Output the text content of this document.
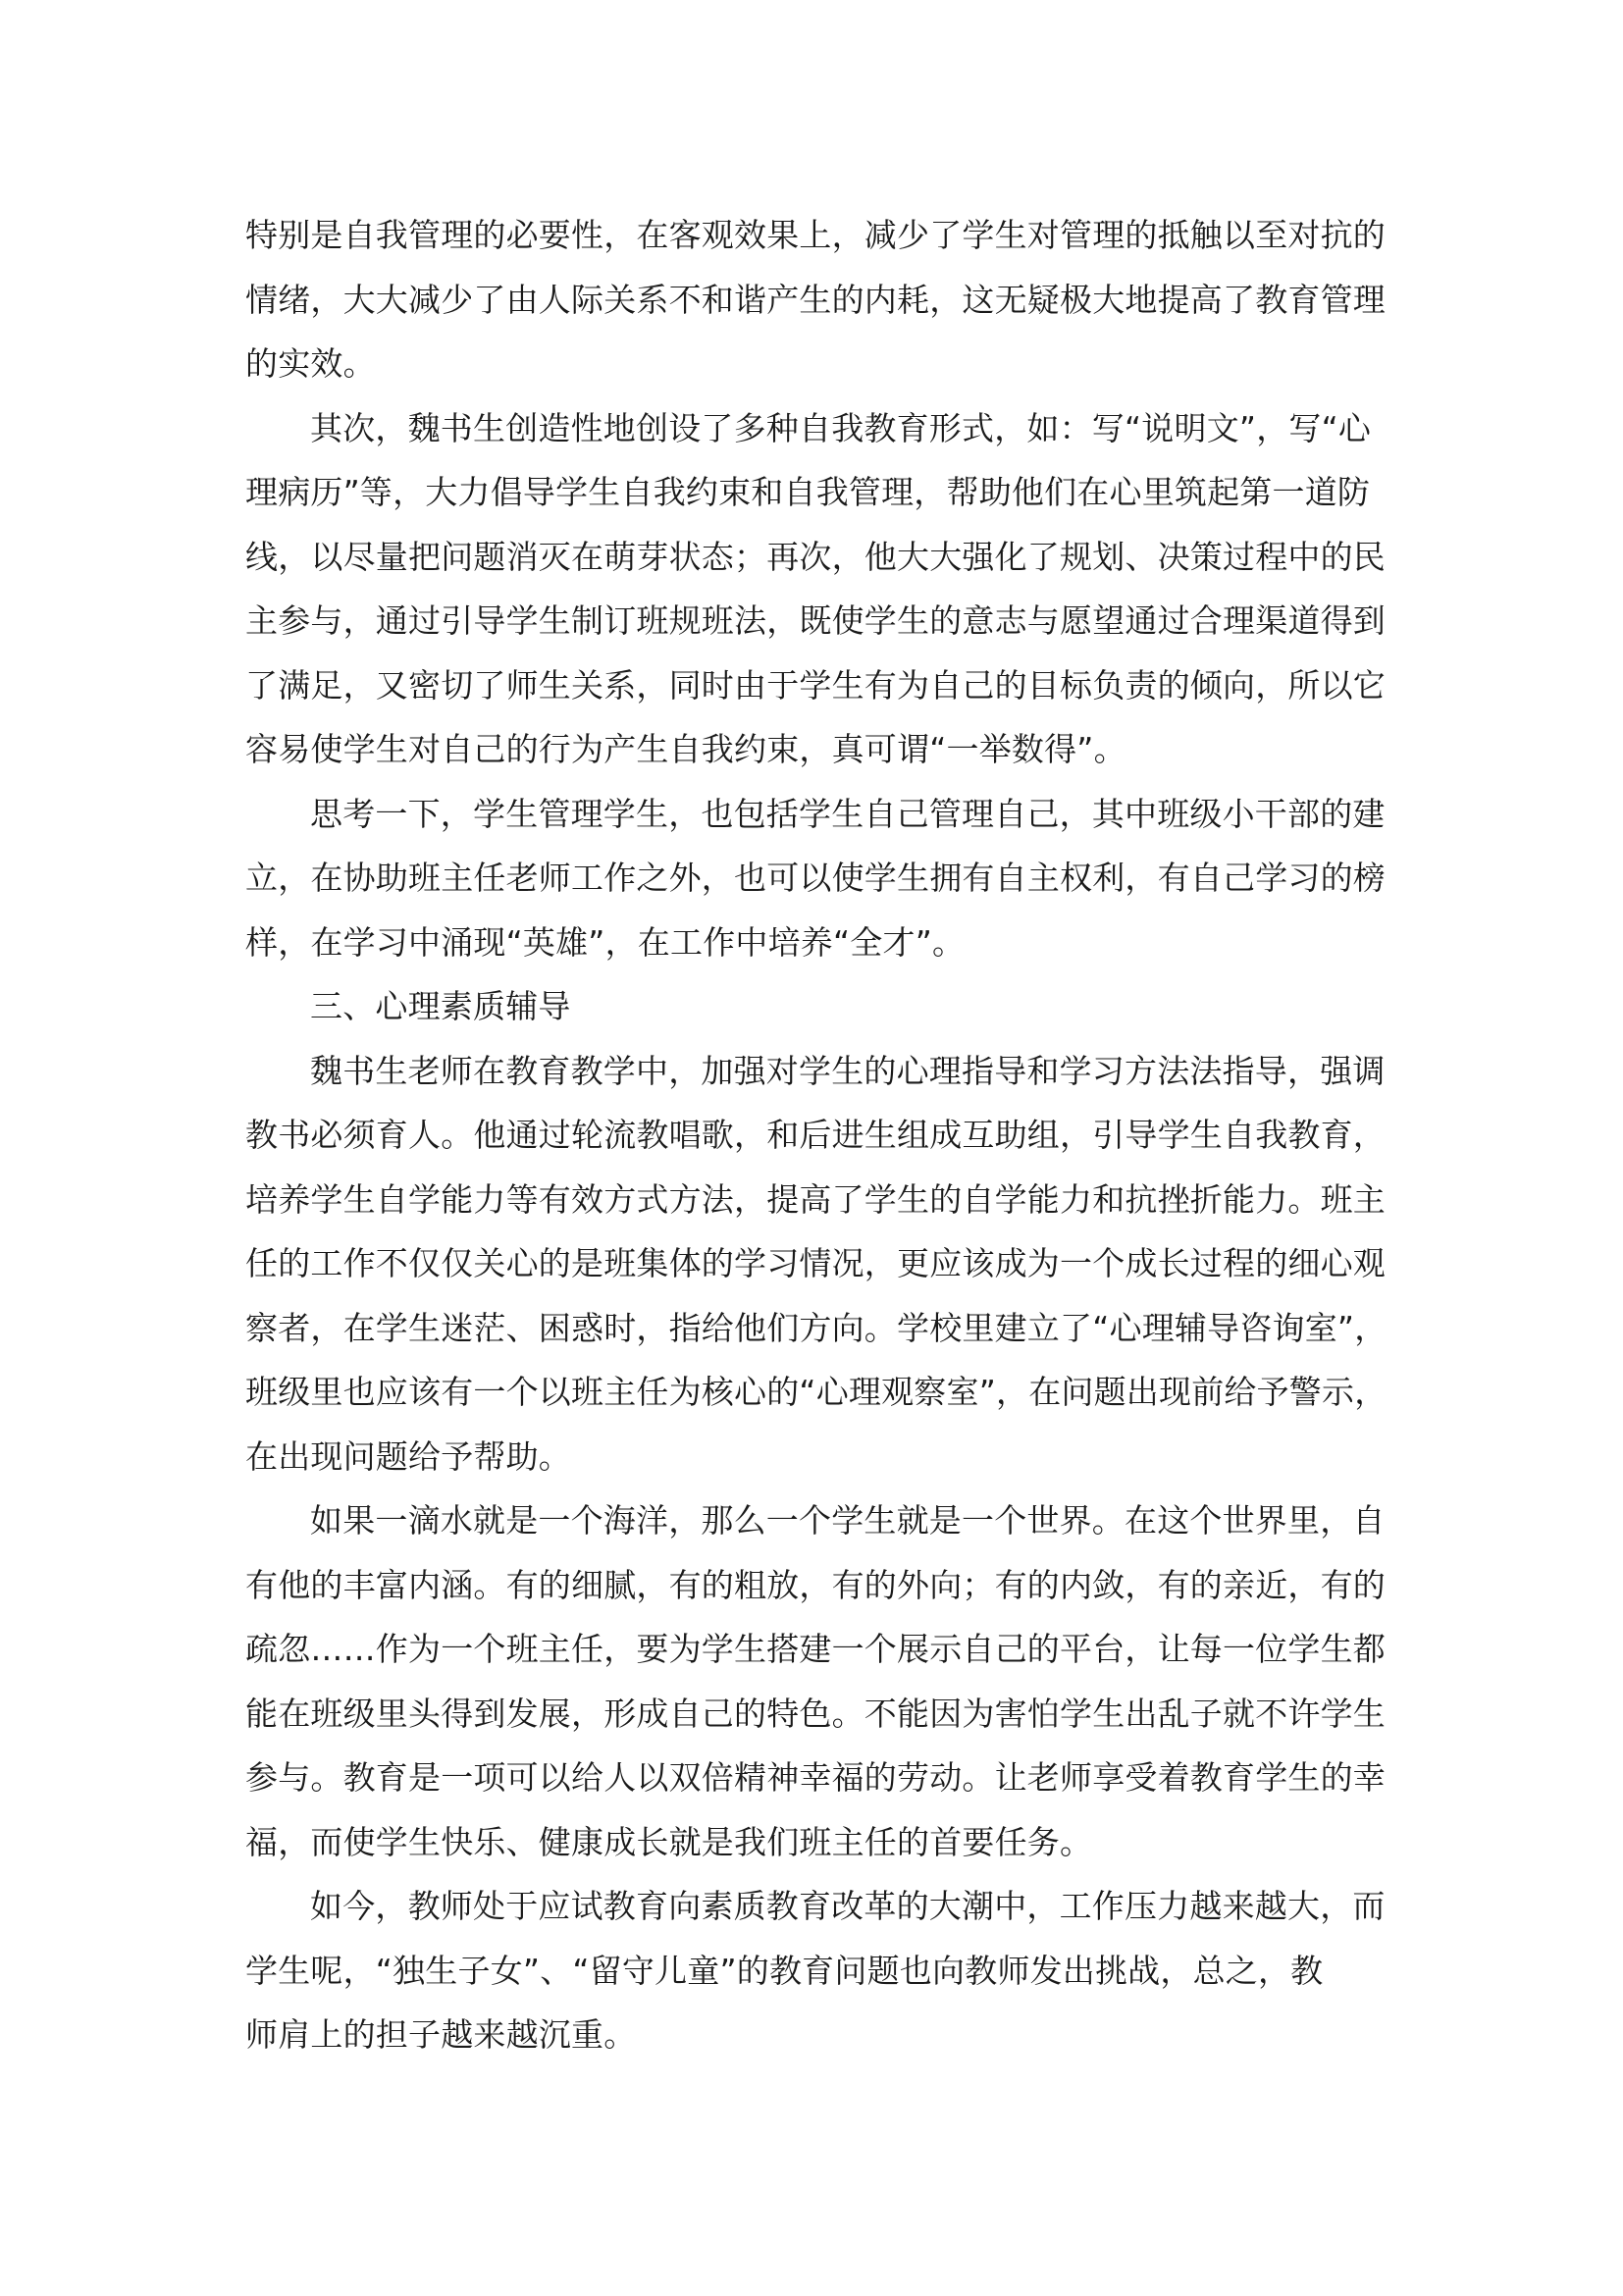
特别是自我管理的必要性，在客观效果上，减少了学生对管理的抵触以至对抗的
情绪，大大减少了由人际关系不和谐产生的内耗，这无疑极大地提高了教育管理
的实效。
其次，魏书生创造性地创设了多种自我教育形式，如：写“说明文”，写“心
理病历”等，大力倡导学生自我约束和自我管理，帮助他们在心里筑起第一道防
线，以尽量把问题消灭在萌芽状态；再次，他大大强化了规划、决策过程中的民
主参与，通过引导学生制订班规班法，既使学生的意志与愿望通过合理渠道得到
了满足，又密切了师生关系，同时由于学生有为自己的目标负责的倾向，所以它
容易使学生对自己的行为产生自我约束，真可谓“一举数得”。
思考一下，学生管理学生，也包括学生自己管理自己，其中班级小干部的建
立，在协助班主任老师工作之外，也可以使学生拥有自主权利，有自己学习的榜
样，在学习中涌现“英雄”，在工作中培养“全才”。
三、心理素质辅导
魏书生老师在教育教学中，加强对学生的心理指导和学习方法法指导，强调
教书必须育人。他通过轮流教唱歌，和后进生组成互助组，引导学生自我教育，
培养学生自学能力等有效方式方法，提高了学生的自学能力和抗挫折能力。班主
任的工作不仅仅关心的是班集体的学习情况，更应该成为一个成长过程的细心观
察者，在学生迷茫、困惑时，指给他们方向。学校里建立了“心理辅导咨询室”，
班级里也应该有一个以班主任为核心的“心理观察室”，在问题出现前给予警示，
在出现问题给予帮助。
如果一滴水就是一个海洋，那么一个学生就是一个世界。在这个世界里，自
有他的丰富内涵。有的细腻，有的粗放，有的外向；有的内敛，有的亲近，有的
疏忽……作为一个班主任，要为学生搭建一个展示自己的平台，让每一位学生都
能在班级里头得到发展，形成自己的特色。不能因为害怕学生出乱子就不许学生
参与。教育是一项可以给人以双倍精神幸福的劳动。让老师享受着教育学生的幸
福，而使学生快乐、健康成长就是我们班主任的首要任务。
如今，教师处于应试教育向素质教育改革的大潮中，工作压力越来越大，而
学生呢，“独生子女”、“留守儿童”的教育问题也向教师发出挑战，总之，教
师肩上的担子越来越沉重。
